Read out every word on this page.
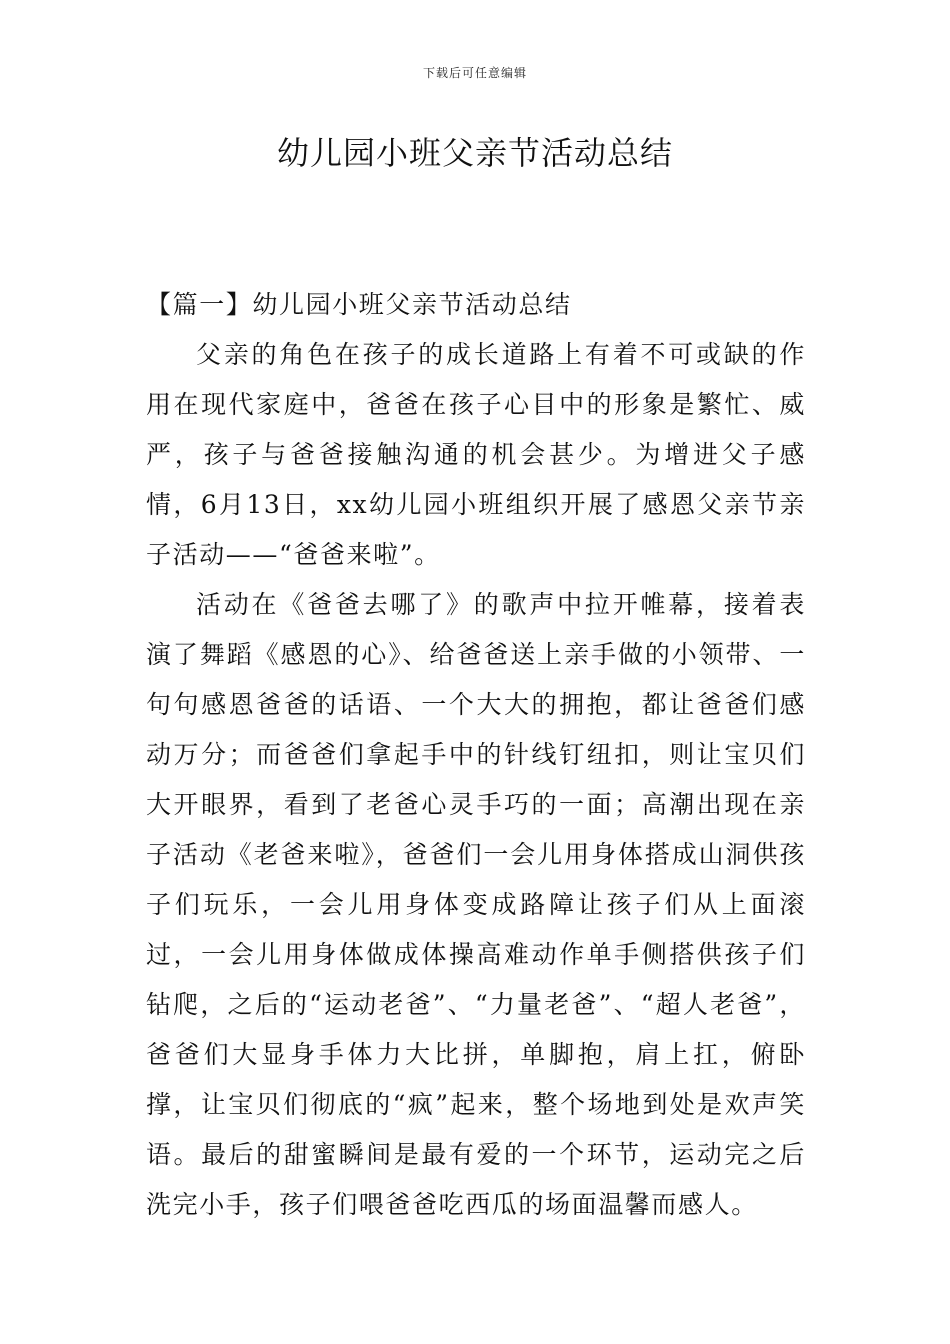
下载后可任意编辑
幼儿园小班父亲节活动总结
【篇一】幼儿园小班父亲节活动总结

父亲的角色在孩子的成长道路上有着不可或缺的作用在现代家庭中，爸爸在孩子心目中的形象是繁忙、威严，孩子与爸爸接触沟通的机会甚少。为增进父子感情，6月13日，xx幼儿园小班组织开展了感恩父亲节亲子活动——“爸爸来啦”。

活动在《爸爸去哪了》的歌声中拉开帷幕，接着表演了舞蹈《感恩的心》、给爸爸送上亲手做的小领带、一句句感恩爸爸的话语、一个大大的拥抱，都让爸爸们感动万分；而爸爸们拿起手中的针线钉纽扣，则让宝贝们大开眼界，看到了老爸心灵手巧的一面；高潮出现在亲子活动《老爸来啦》，爸爸们一会儿用身体搭成山洞供孩子们玩乐，一会儿用身体变成路障让孩子们从上面滚过，一会儿用身体做成体操高难动作单手侧搭供孩子们钻爬，之后的“运动老爸”、“力量老爸”、“超人老爸”，爸爸们大显身手体力大比拼，单脚抱，肩上扛，俯卧撑，让宝贝们彻底的“疯”起来，整个场地到处是欢声笑语。最后的甜蜜瞬间是最有爱的一个环节，运动完之后洗完小手，孩子们喂爸爸吃西瓜的场面温馨而感人。
